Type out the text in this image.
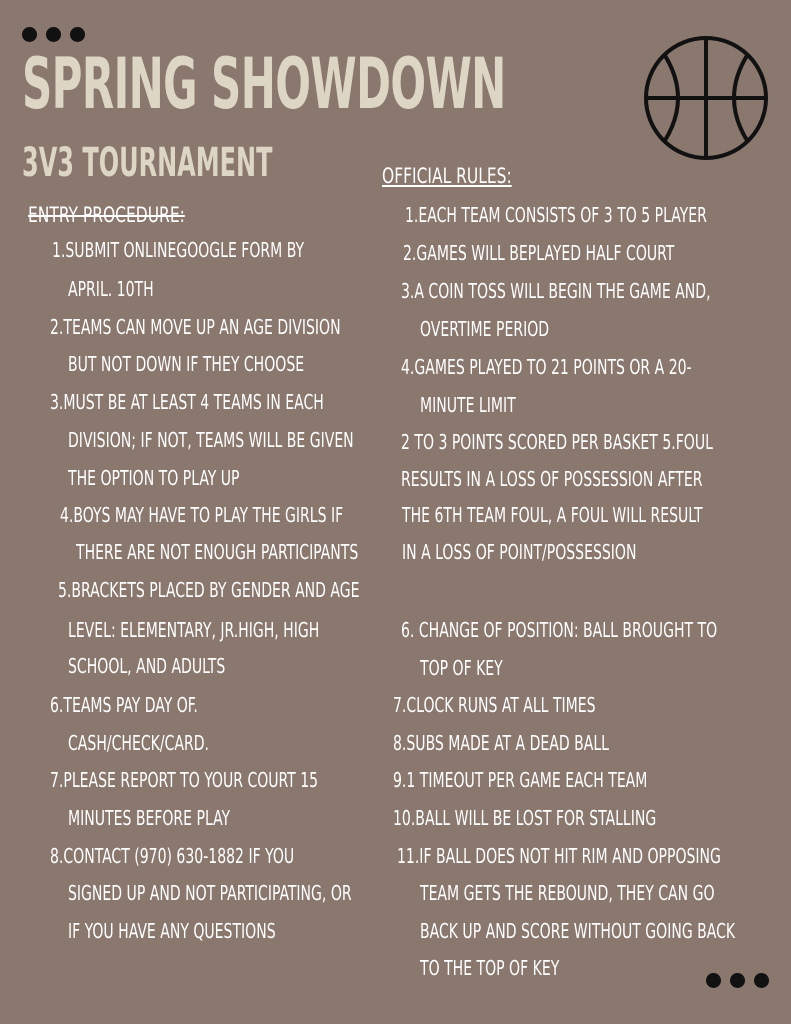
SPRING SHOWDOWN
3V3 TOURNAMENT
ENTRY PROCEDURE:
OFFICIAL RULES:
1.SUBMIT ONLINEGOOGLE FORM BY
APRIL. 10TH
2.TEAMS CAN MOVE UP AN AGE DIVISION
BUT NOT DOWN IF THEY CHOOSE
3.MUST BE AT LEAST 4 TEAMS IN EACH
DIVISION; IF NOT, TEAMS WILL BE GIVEN
THE OPTION TO PLAY UP
4.BOYS MAY HAVE TO PLAY THE GIRLS IF
THERE ARE NOT ENOUGH PARTICIPANTS
5.BRACKETS PLACED BY GENDER AND AGE
LEVEL: ELEMENTARY, JR.HIGH, HIGH
SCHOOL, AND ADULTS
6.TEAMS PAY DAY OF.
CASH/CHECK/CARD.
7.PLEASE REPORT TO YOUR COURT 15
MINUTES BEFORE PLAY
8.CONTACT (970) 630-1882 IF YOU
SIGNED UP AND NOT PARTICIPATING, OR
IF YOU HAVE ANY QUESTIONS
1.EACH TEAM CONSISTS OF 3 TO 5 PLAYER
2.GAMES WILL BEPLAYED HALF COURT
3.A COIN TOSS WILL BEGIN THE GAME AND,
OVERTIME PERIOD
4.GAMES PLAYED TO 21 POINTS OR A 20-
MINUTE LIMIT
2 TO 3 POINTS SCORED PER BASKET 5.FOUL
RESULTS IN A LOSS OF POSSESSION AFTER
THE 6TH TEAM FOUL, A FOUL WILL RESULT
IN A LOSS OF POINT/POSSESSION
6. CHANGE OF POSITION: BALL BROUGHT TO
TOP OF KEY
7.CLOCK RUNS AT ALL TIMES
8.SUBS MADE AT A DEAD BALL
9.1 TIMEOUT PER GAME EACH TEAM
10.BALL WILL BE LOST FOR STALLING
11.IF BALL DOES NOT HIT RIM AND OPPOSING
TEAM GETS THE REBOUND, THEY CAN GO
BACK UP AND SCORE WITHOUT GOING BACK
TO THE TOP OF KEY
